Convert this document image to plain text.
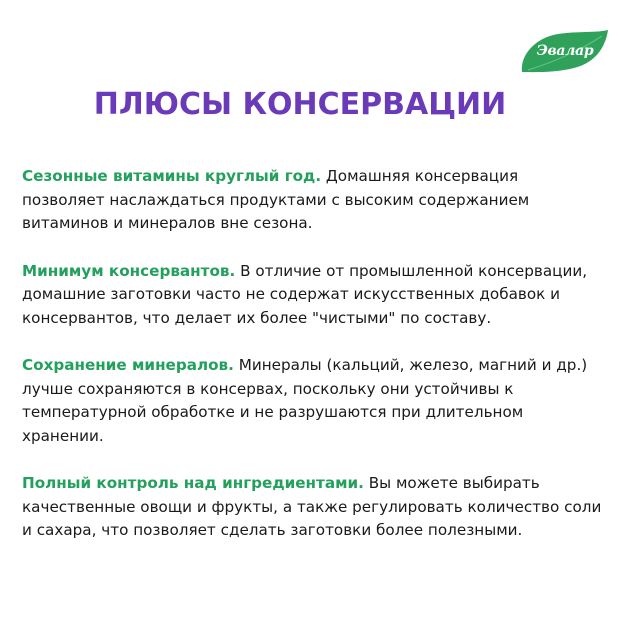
Эвалар
ПЛЮСЫ КОНСЕРВАЦИИ

Сезонные витамины круглый год. Домашняя консервация позволяет наслаждаться продуктами с высоким содержанием витаминов и минералов вне сезона.

Минимум консервантов. В отличие от промышленной консервации, домашние заготовки часто не содержат искусственных добавок и консервантов, что делает их более "чистыми" по составу.

Сохранение минералов. Минералы (кальций, железо, магний и др.) лучше сохраняются в консервах, поскольку они устойчивы к температурной обработке и не разрушаются при длительном хранении.

Полный контроль над ингредиентами. Вы можете выбирать качественные овощи и фрукты, а также регулировать количество соли и сахара, что позволяет сделать заготовки более полезными.
